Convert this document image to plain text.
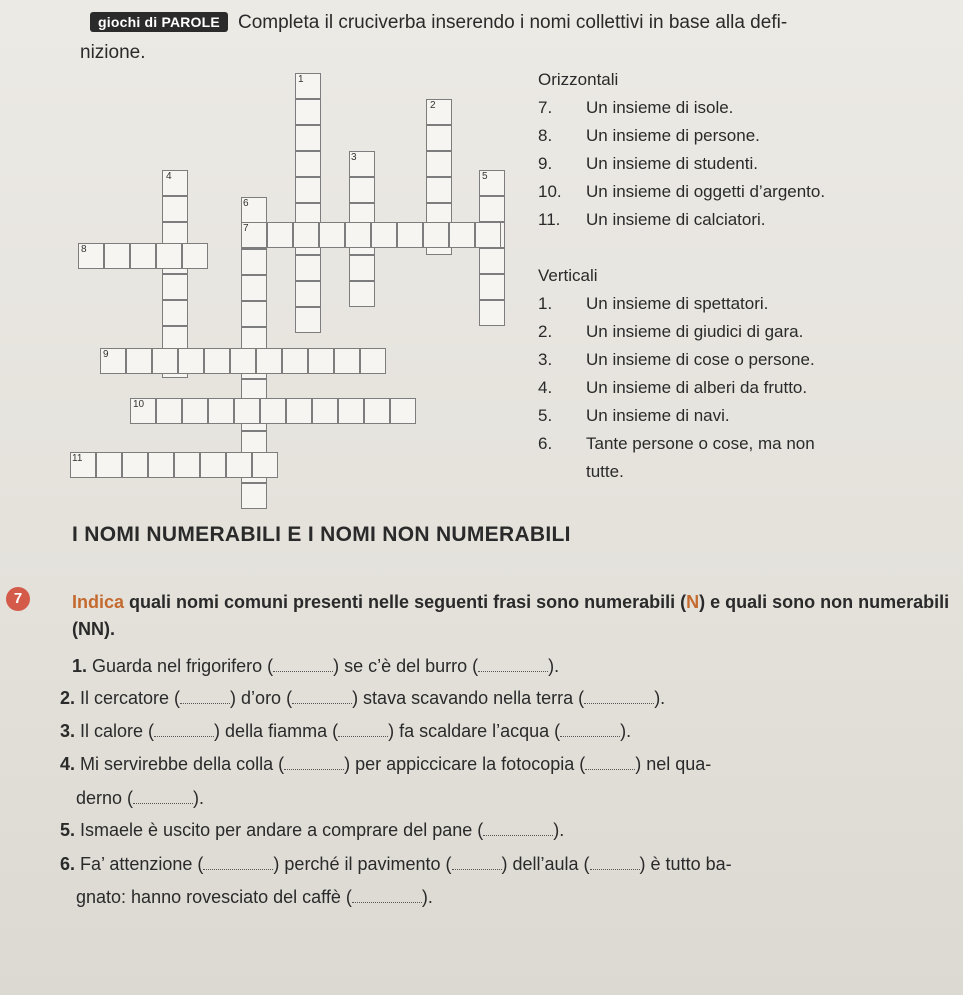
giochi di PAROLE Completa il cruciverba inserendo i nomi collettivi in base alla defi-
nizione.
1
2
3
4	5
6
7
8
9
10
11
Orizzontali
7. Un insieme di isole.
8. Un insieme di persone.
9. Un insieme di studenti.
10. Un insieme di oggetti d’argento.
11. Un insieme di calciatori.
Verticali
1. Un insieme di spettatori.
2. Un insieme di giudici di gara.
3. Un insieme di cose o persone.
4. Un insieme di alberi da frutto.
5. Un insieme di navi.
6. Tante persone o cose, ma non
tutte.
I NOMI NUMERABILI E I NOMI NON NUMERABILI
7	Indica quali nomi comuni presenti nelle seguenti frasi sono numerabili (N) e quali sono non numerabili (NN).
1. Guarda nel frigorifero (	) se c’è del burro (	).
2. Il cercatore (	) d’oro (	) stava scavando nella terra (	).
3. Il calore (	) della fiamma (	) fa scaldare l’acqua (	).
4. Mi servirebbe della colla (	) per appiccicare la fotocopia (	) nel qua-
derno (	).
5. Ismaele è uscito per andare a comprare del pane (	).
6. Fa’ attenzione (	) perché il pavimento (	) dell’aula (	) è tutto ba-
gnato: hanno rovesciato del caffè (	).
